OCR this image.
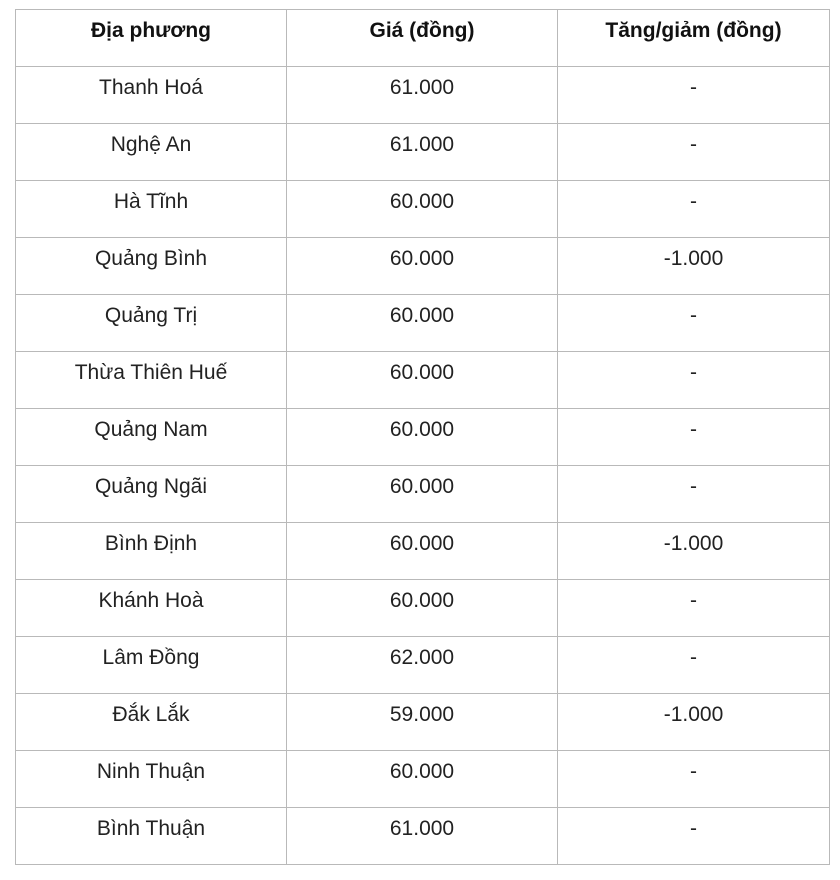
Địa phương	Giá (đồng)	Tăng/giảm (đồng)

Thanh Hoá	61.000	-

Nghệ An	61.000	-

Hà Tĩnh	60.000	-

Quảng Bình	60.000	-1.000

Quảng Trị	60.000	-

Thừa Thiên Huế	60.000	-

Quảng Nam	60.000	-

Quảng Ngãi	60.000	-

Bình Định	60.000	-1.000

Khánh Hoà	60.000	-

Lâm Đồng	62.000	-

Đắk Lắk	59.000	-1.000

Ninh Thuận	60.000	-

Bình Thuận	61.000	-
